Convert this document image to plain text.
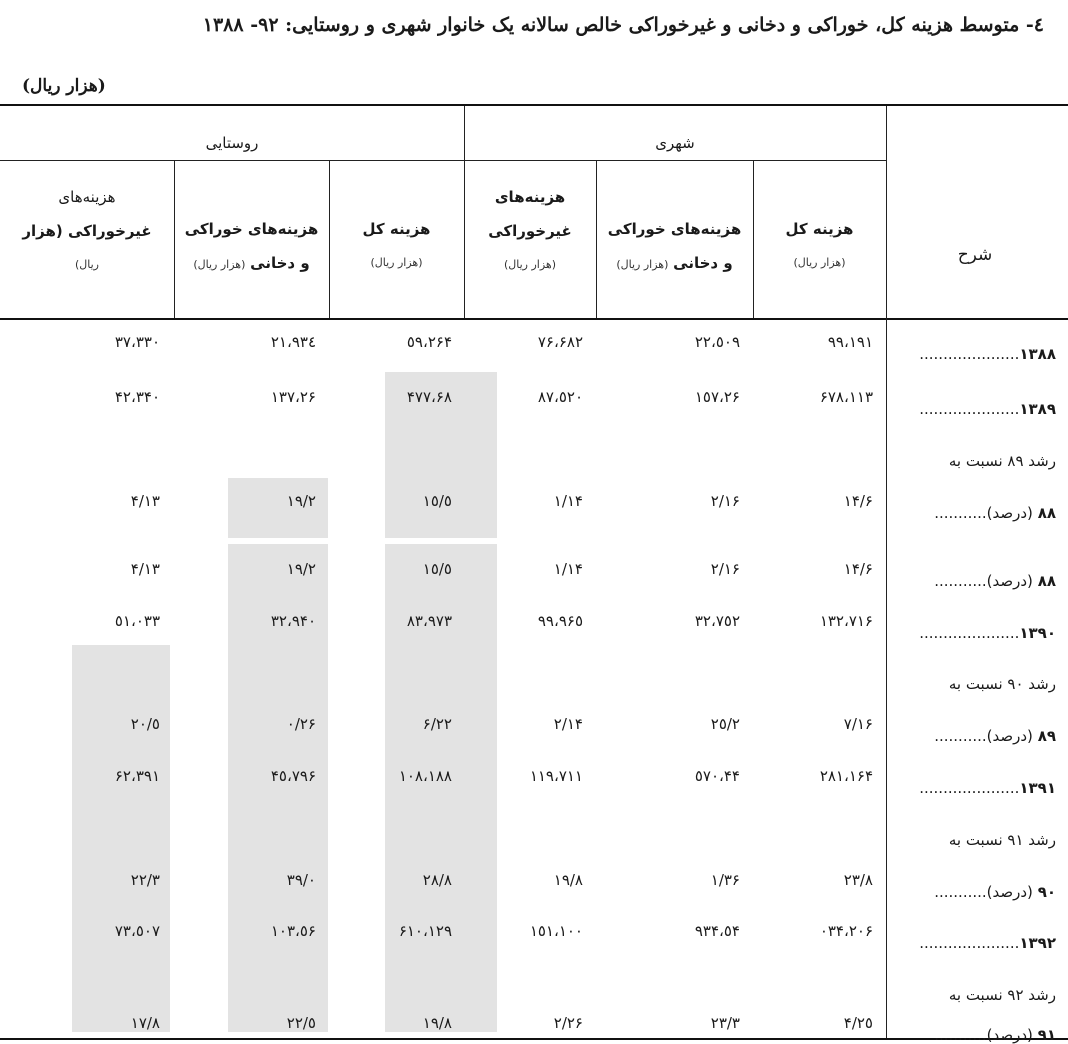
٤- متوسط هزینه کل، خوراکی و دخانی و غیرخوراکی خالص سالانه یک خانوار شهری و روستایی: ٩٢- ١٣٨٨
(هزار ریال)
روستایی	شهری
شرح
هزینه‌های
غیرخوراکی (هزار
ریال)
هزینه‌های خوراکی
و دخانی (هزار ریال)
هزینه کل
(هزار ریال)
هزینه‌های
غیرخوراکی
(هزار ریال)
هزینه‌های خوراکی
و دخانی (هزار ریال)
هزینه کل
(هزار ریال)
٣٧،٣٣٠	٢١،٩٣٤	٥٩،٢۶۴	٧۶،۶٨٢	٢٢،٥٠٩	٩٩،١٩١
١٣٨٨.....................
۴٢،٣۴٠	٢۶،١٣٧	۶٨،۴٧٧	٨٧،٥٢٠	٢۶،١٥٧	١١٣،۶٧٨
١٣٨٩.....................
رشد ٨٩ نسبت به
١٣/۴	١٩/٢	١٥/٥	١۴/١	١۶/٢	١۴/۶
٨٨ (درصد)...........
١٣/۴	١٩/٢	١٥/٥	١۴/١	١۶/٢	١۴/۶
٨٨ (درصد)...........
٥١،٠٣٣	٣٢،٩۴٠	٨٣،٩٧٣	٩٩،٩۶٥	٣٢،٧٥٢	١٣٢،٧١۶
١٣٩٠.....................
رشد ٩٠ نسبت به
٢٠/٥	٢۶/٠	٢٢/۶	١۴/٢	٢٥/٢	١۶/٧
٨٩ (درصد)...........
۶٢،٣٩١	۴٥،٧٩۶	١٠٨،١٨٨	١١٩،٧١١	۴۴،٥٧٠	١۶۴،٢٨١
١٣٩١.....................
رشد ٩١ نسبت به
٢٢/٣	٣٩/٠	٢٨/٨	١٩/٨	٣۶/١	٢٣/٨
٩٠ (درصد)...........
٧٣،٥٠٧	٥۶،١٠٣	١٢٩،۶١٠	١٥١،١٠٠	٥۴،٩٣۴	٢٠۶،٠٣۴
١٣٩٢.....................
رشد ٩٢ نسبت به
١٧/٨	٢٢/٥	١٩/٨	٢۶/٢	٢٣/٣	٢٥/۴
٩١ (درصد)...........
